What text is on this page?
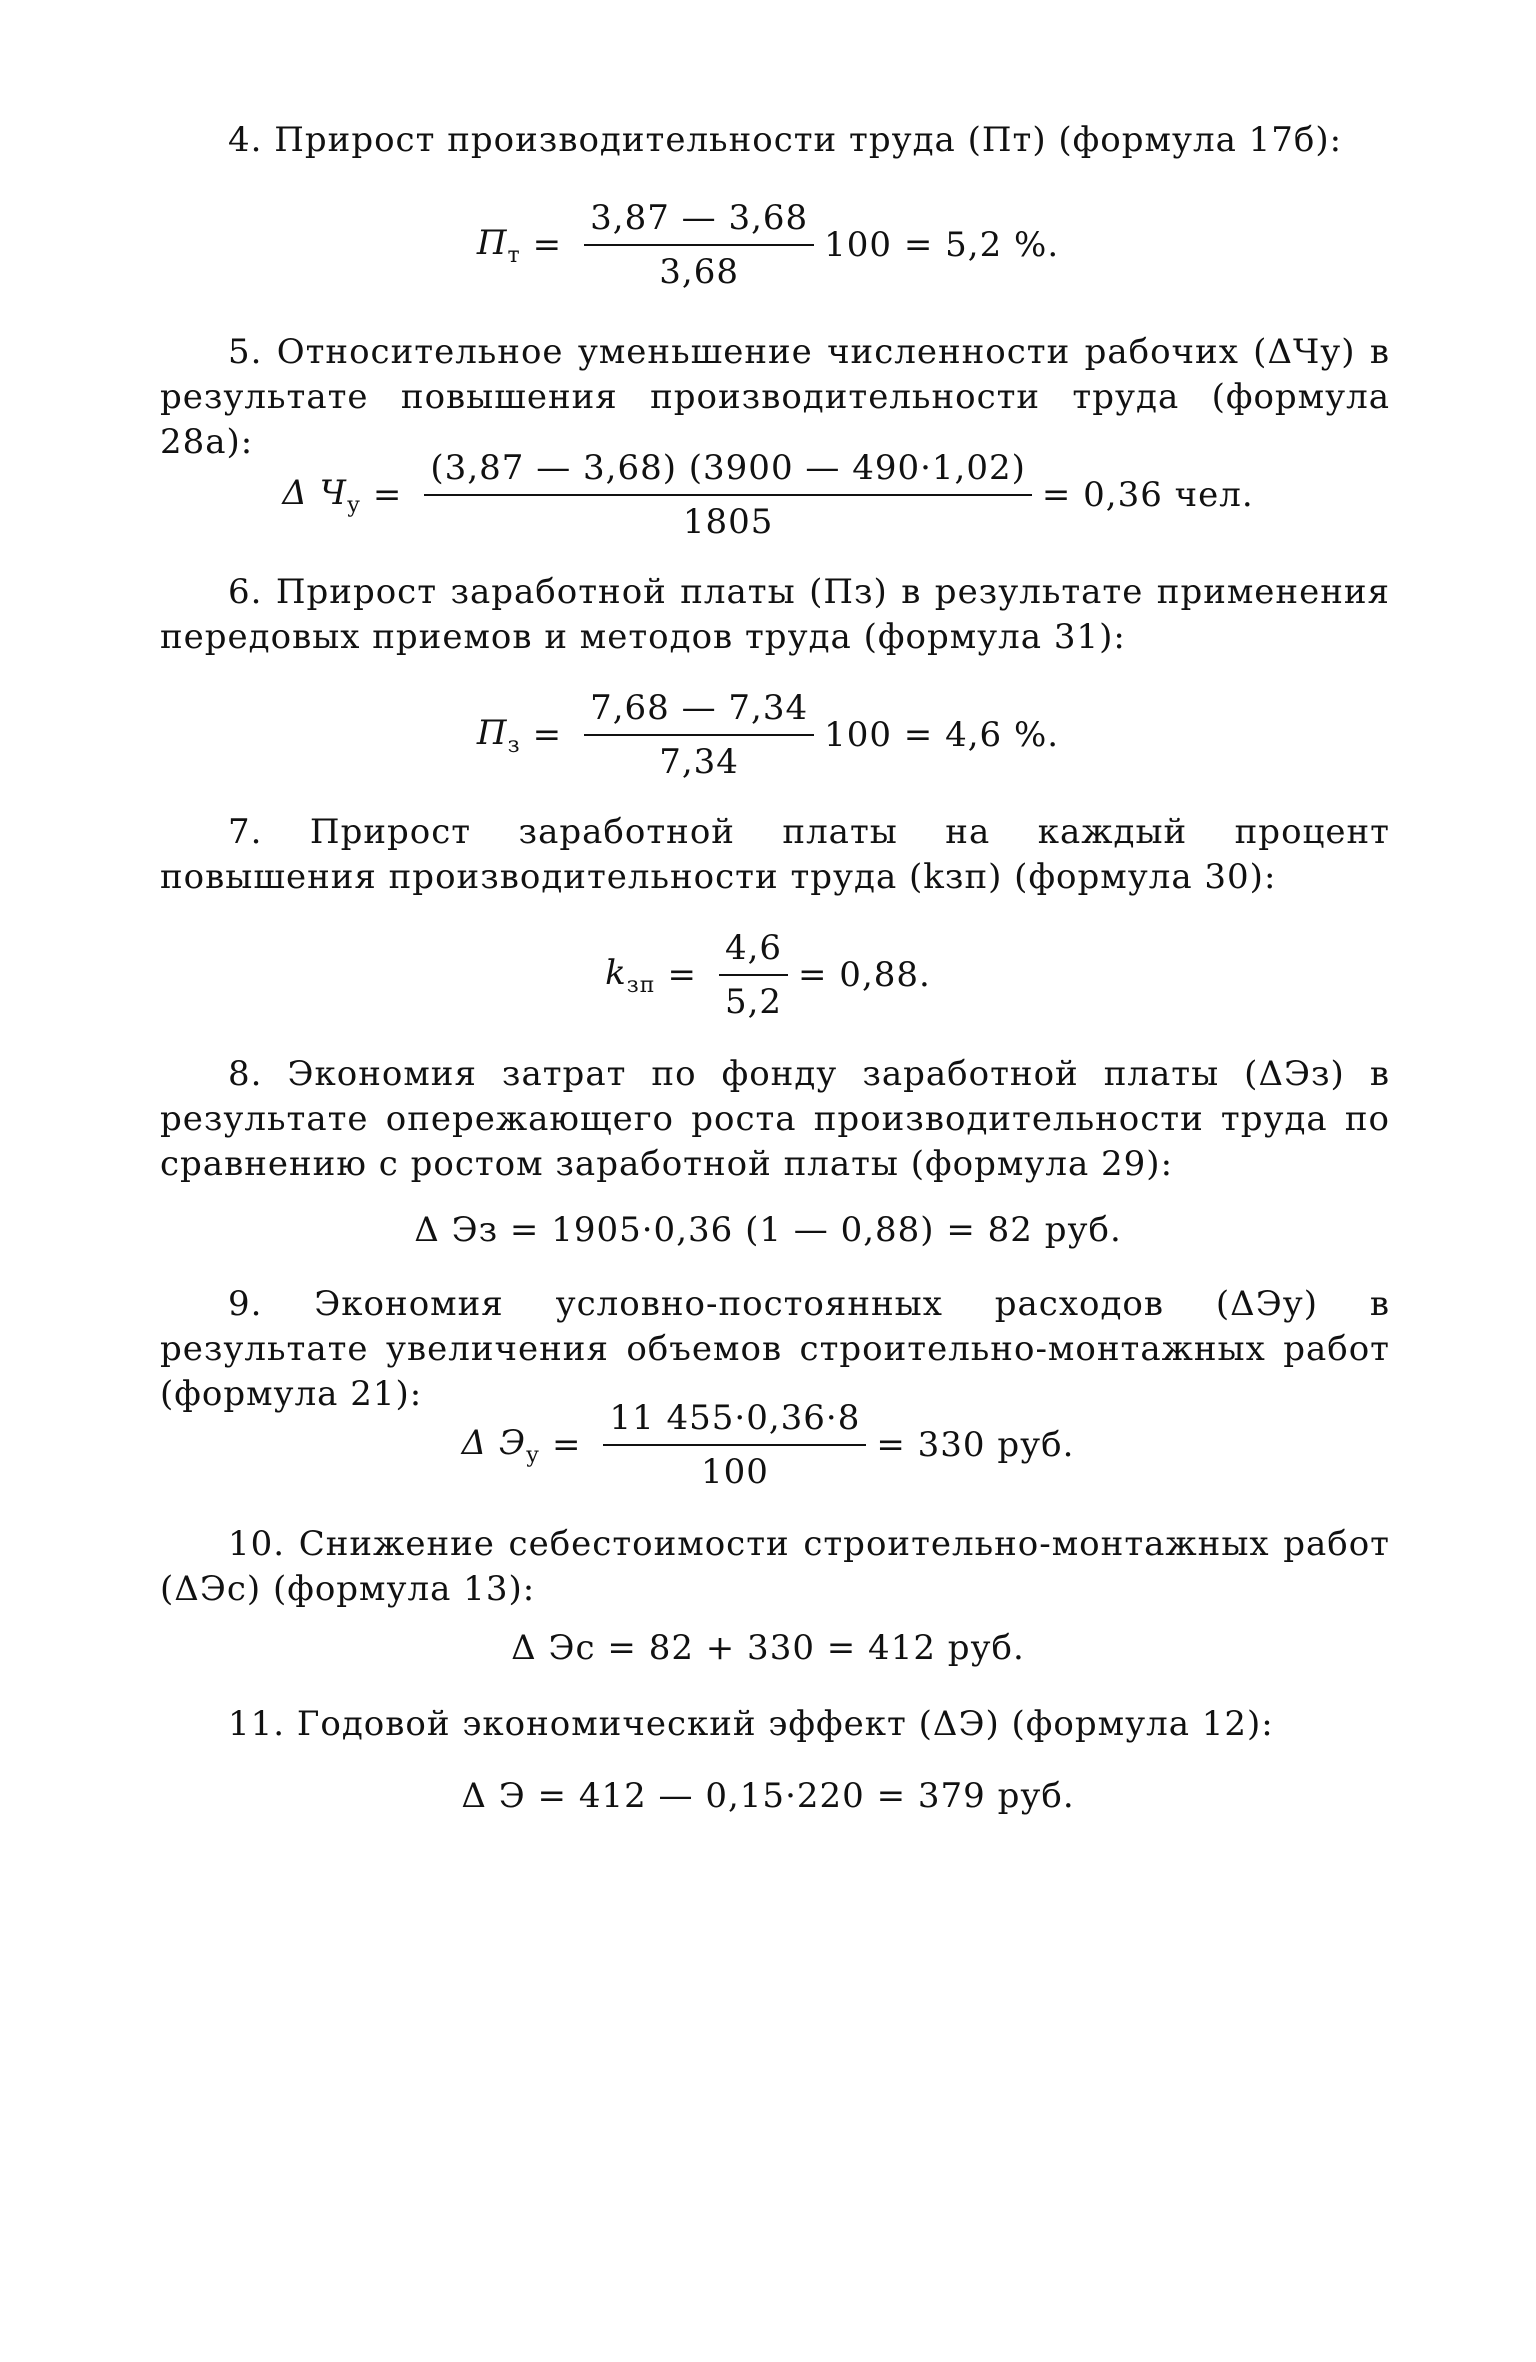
4. Прирост производительности труда (Пт) (формула 17б):

$П_т = \frac{3,87 — 3,68}{3,68} 100 = 5,2$ %.

5. Относительное уменьшение численности рабочих (ΔЧу) в результате повышения производительности труда (формула 28а):

Δ $Ч_у = \frac{(3,87 — 3,68) (3900 — 490\cdot 1,02)}{1805} = 0,36$ чел.

6. Прирост заработной платы (Пз) в результате применения передовых приемов и методов труда (формула 31):

$П_з = \frac{7,68 — 7,34}{7,34} 100 = 4,6$ %.

7. Прирост заработной платы на каждый процент повышения производительности труда (kзп) (формула 30):

$k_{зп} = \frac{4,6}{5,2} = 0,88$.

8. Экономия затрат по фонду заработной платы (ΔЭз) в результате опережающего роста производительности труда по сравнению с ростом заработной платы (формула 29):

Δ Эз = 1905·0,36 (1 — 0,88) = 82 руб.

9. Экономия условно-постоянных расходов (ΔЭу) в результате увеличения объемов строительно-монтажных работ (формула 21):

Δ $Э_у = \frac{11 455\cdot 0,36\cdot 8}{100} = 330$ руб.

10. Снижение себестоимости строительно-монтажных работ (ΔЭс) (формула 13):

Δ Эс = 82 + 330 = 412 руб.

11. Годовой экономический эффект (ΔЭ) (формула 12):

Δ Э = 412 — 0,15·220 = 379 руб.
